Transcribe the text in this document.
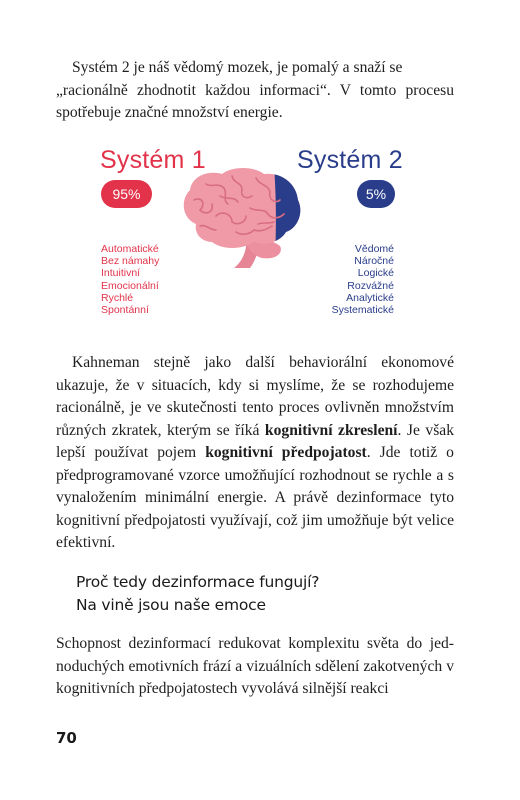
Systém 2 je náš vědomý mozek, je pomalý a snaží se

„racionálně zhodnotit každou informaci“. V tomto procesu

spotřebuje značné množství energie.

Systém 1	Systém 2
95%	5%
Automatické
Bez námahy
Intuitivní
Emocionální
Rychlé
Spontánní
Vědomé
Náročné
Logické
Rozvážné
Analytické
Systematické

Kahneman stejně jako další behaviorální ekonomové ukazuje, že v situacích, kdy si myslíme, že se rozhodujeme racionálně, je ve skutečnosti tento proces ovlivněn množstvím různých zkratek, kterým se říká kognitivní zkreslení. Je však lepší používat pojem kognitivní předpojatost. Jde totiž o předprogramované vzorce umožňující rozhodnout se rychle a s vynaložením minimální energie. A právě dezinformace tyto kognitivní předpojatosti využívají, což jim umožňuje být velice efektivní.

Proč tedy dezinformace fungují?
Na vině jsou naše emoce

Schopnost dezinformací redukovat komplexitu světa do jednoduchých emotivních frází a vizuálních sdělení zakotvených v kognitivních předpojatostech vyvolává silnější reakci

70
